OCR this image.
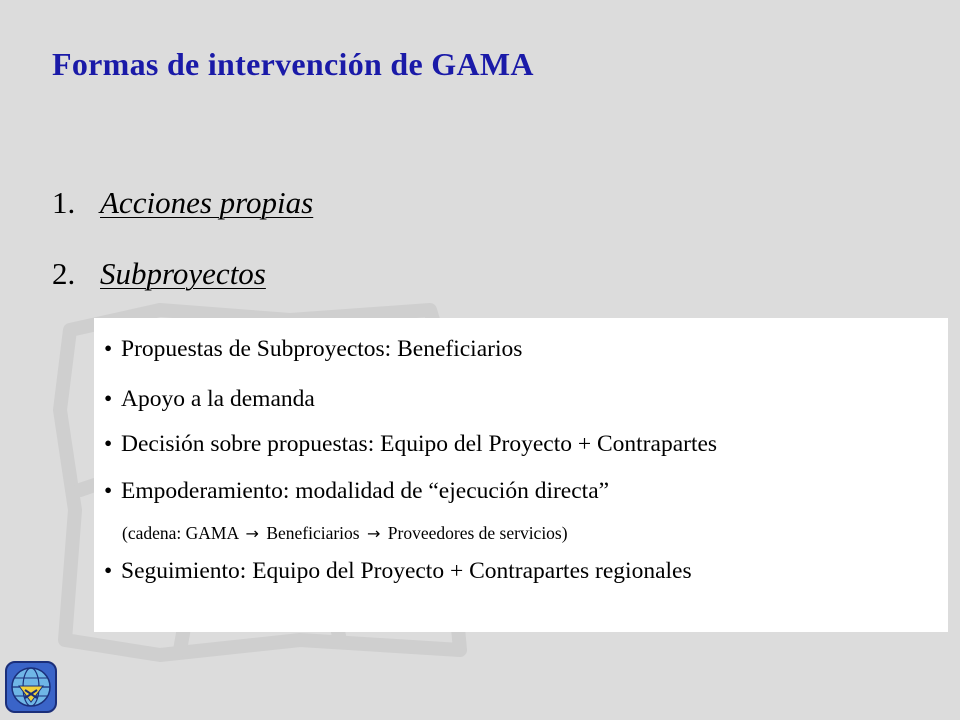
Formas de intervención de GAMA
1. Acciones propias
2. Subproyectos
• Propuestas de Subproyectos: Beneficiarios
• Apoyo a la demanda
• Decisión sobre propuestas: Equipo del Proyecto + Contrapartes
• Empoderamiento: modalidad de “ejecución directa”
(cadena: GAMA → Beneficiarios → Proveedores de servicios)
• Seguimiento: Equipo del Proyecto + Contrapartes regionales
